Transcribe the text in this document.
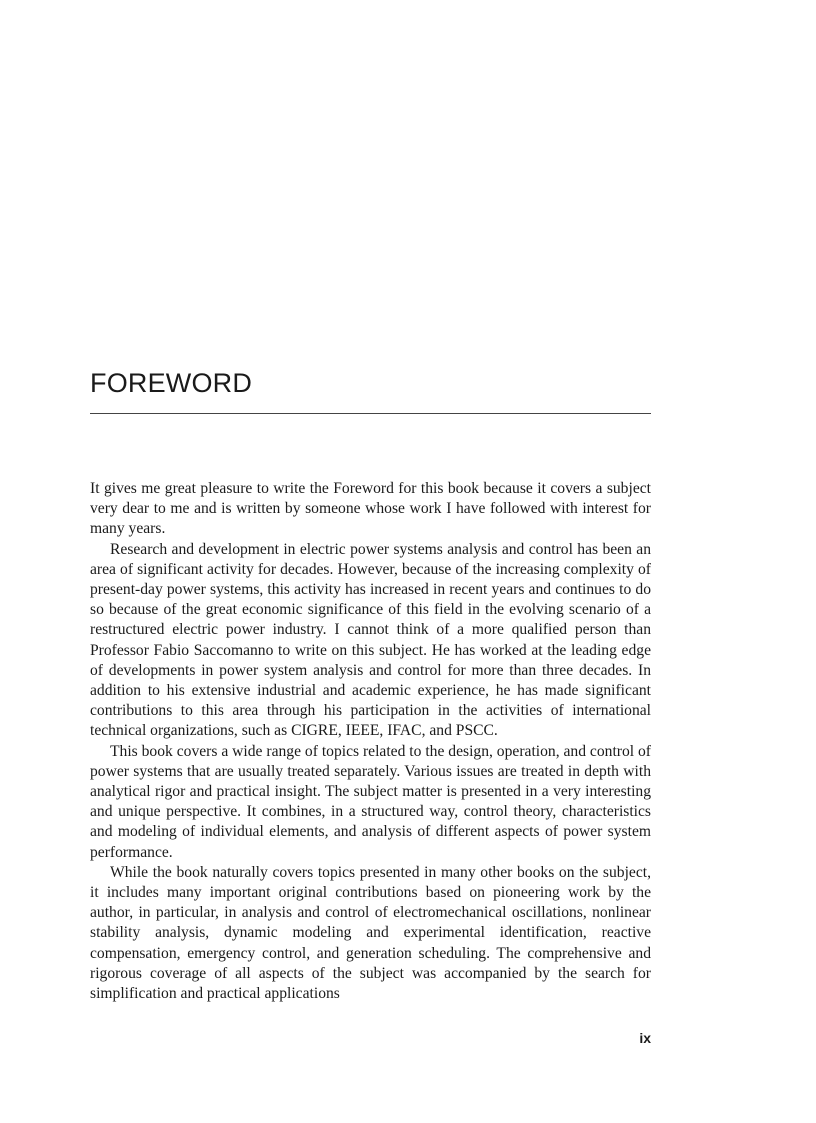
FOREWORD

It gives me great pleasure to write the Foreword for this book because it covers a subject very dear to me and is written by someone whose work I have followed with interest for many years.

Research and development in electric power systems analysis and control has been an area of significant activity for decades. However, because of the increasing complexity of present-day power systems, this activity has increased in recent years and continues to do so because of the great economic significance of this field in the evolving scenario of a restructured electric power industry. I cannot think of a more qualified person than Professor Fabio Saccomanno to write on this subject. He has worked at the leading edge of developments in power system analysis and control for more than three decades. In addition to his extensive industrial and academic experience, he has made significant contributions to this area through his participation in the activities of international technical organizations, such as CIGRE, IEEE, IFAC, and PSCC.

This book covers a wide range of topics related to the design, operation, and control of power systems that are usually treated separately. Various issues are treated in depth with analytical rigor and practical insight. The subject matter is presented in a very interesting and unique perspective. It combines, in a structured way, control theory, characteristics and modeling of individual elements, and analysis of different aspects of power system performance.

While the book naturally covers topics presented in many other books on the subject, it includes many important original contributions based on pioneering work by the author, in particular, in analysis and control of electromechanical oscillations, nonlinear stability analysis, dynamic modeling and experimental identification, reactive compensation, emergency control, and generation scheduling. The comprehensive and rigorous coverage of all aspects of the subject was accompanied by the search for simplification and practical applications

ix
